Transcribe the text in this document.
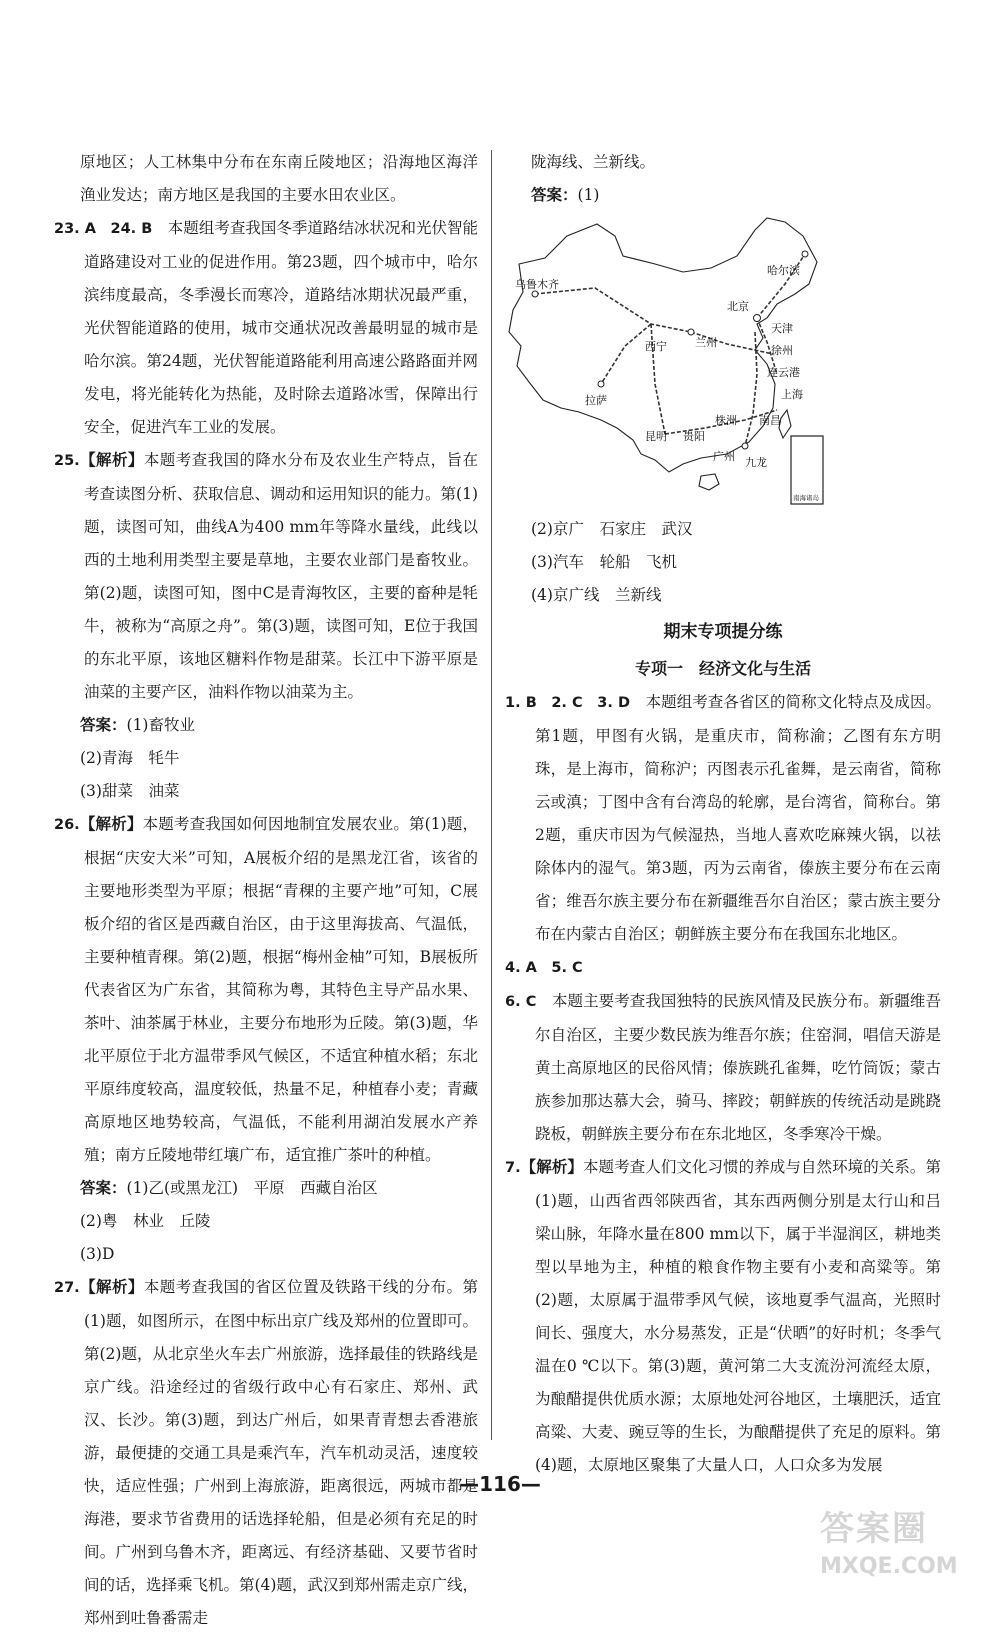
原地区；人工林集中分布在东南丘陵地区；沿海地区海洋渔业发达；南方地区是我国的主要水田农业区。

23. A　24. B　本题组考查我国冬季道路结冰状况和光伏智能道路建设对工业的促进作用。第23题，四个城市中，哈尔滨纬度最高，冬季漫长而寒冷，道路结冰期状况最严重，光伏智能道路的使用，城市交通状况改善最明显的城市是哈尔滨。第24题，光伏智能道路能利用高速公路路面并网发电，将光能转化为热能，及时除去道路冰雪，保障出行安全，促进汽车工业的发展。

25.【解析】本题考查我国的降水分布及农业生产特点，旨在考查读图分析、获取信息、调动和运用知识的能力。第(1)题，读图可知，曲线A为400 mm年等降水量线，此线以西的土地利用类型主要是草地，主要农业部门是畜牧业。第(2)题，读图可知，图中C是青海牧区，主要的畜种是牦牛，被称为“高原之舟”。第(3)题，读图可知，E位于我国的东北平原，该地区糖料作物是甜菜。长江中下游平原是油菜的主要产区，油料作物以油菜为主。

答案：(1)畜牧业

(2)青海　牦牛

(3)甜菜　油菜

26.【解析】本题考查我国如何因地制宜发展农业。第(1)题，根据“庆安大米”可知，A展板介绍的是黑龙江省，该省的主要地形类型为平原；根据“青稞的主要产地”可知，C展板介绍的省区是西藏自治区，由于这里海拔高、气温低，主要种植青稞。第(2)题，根据“梅州金柚”可知，B展板所代表省区为广东省，其简称为粤，其特色主导产品水果、茶叶、油茶属于林业，主要分布地形为丘陵。第(3)题，华北平原位于北方温带季风气候区，不适宜种植水稻；东北平原纬度较高，温度较低，热量不足，种植春小麦；青藏高原地区地势较高，气温低，不能利用湖泊发展水产养殖；南方丘陵地带红壤广布，适宜推广茶叶的种植。

答案：(1)乙(或黑龙江)　平原　西藏自治区

(2)粤　林业　丘陵

(3)D

27.【解析】本题考查我国的省区位置及铁路干线的分布。第(1)题，如图所示，在图中标出京广线及郑州的位置即可。第(2)题，从北京坐火车去广州旅游，选择最佳的铁路线是京广线。沿途经过的省级行政中心有石家庄、郑州、武汉、长沙。第(3)题，到达广州后，如果青青想去香港旅游，最便捷的交通工具是乘汽车，汽车机动灵活，速度较快，适应性强；广州到上海旅游，距离很远，两城市都是海港，要求节省费用的话选择轮船，但是必须有充足的时间。广州到乌鲁木齐，距离远、有经济基础、又要节省时间的话，选择乘飞机。第(4)题，武汉到郑州需走京广线，郑州到吐鲁番需走

陇海线、兰新线。

答案：(1)

乌鲁木齐
哈尔滨
北京
天津
兰州
西宁	徐州
连云港
上海
拉萨
昆明 贵阳
株洲 南昌
广州 九龙
南海诸岛

(2)京广　石家庄　武汉

(3)汽车　轮船　飞机

(4)京广线　兰新线

期末专项提分练

专项一　经济文化与生活

1. B　2. C　3. D　本题组考查各省区的简称文化特点及成因。第1题，甲图有火锅，是重庆市，简称渝；乙图有东方明珠，是上海市，简称沪；丙图表示孔雀舞，是云南省，简称云或滇；丁图中含有台湾岛的轮廓，是台湾省，简称台。第2题，重庆市因为气候湿热，当地人喜欢吃麻辣火锅，以祛除体内的湿气。第3题，丙为云南省，傣族主要分布在云南省；维吾尔族主要分布在新疆维吾尔自治区；蒙古族主要分布在内蒙古自治区；朝鲜族主要分布在我国东北地区。

4. A　5. C

6. C　本题主要考查我国独特的民族风情及民族分布。新疆维吾尔自治区，主要少数民族为维吾尔族；住窑洞，唱信天游是黄土高原地区的民俗风情；傣族跳孔雀舞，吃竹筒饭；蒙古族参加那达慕大会，骑马、摔跤；朝鲜族的传统活动是跳跷跷板，朝鲜族主要分布在东北地区，冬季寒冷干燥。

7.【解析】本题考查人们文化习惯的养成与自然环境的关系。第(1)题，山西省西邻陕西省，其东西两侧分别是太行山和吕梁山脉，年降水量在800 mm以下，属于半湿润区，耕地类型以旱地为主，种植的粮食作物主要有小麦和高粱等。第(2)题，太原属于温带季风气候，该地夏季气温高，光照时间长、强度大，水分易蒸发，正是“伏晒”的好时机；冬季气温在0 ℃以下。第(3)题，黄河第二大支流汾河流经太原，为酿醋提供优质水源；太原地处河谷地区，土壤肥沃，适宜高粱、大麦、豌豆等的生长，为酿醋提供了充足的原料。第(4)题，太原地区聚集了大量人口，人口众多为发展

—116—
答案圈
MXQE.COM
